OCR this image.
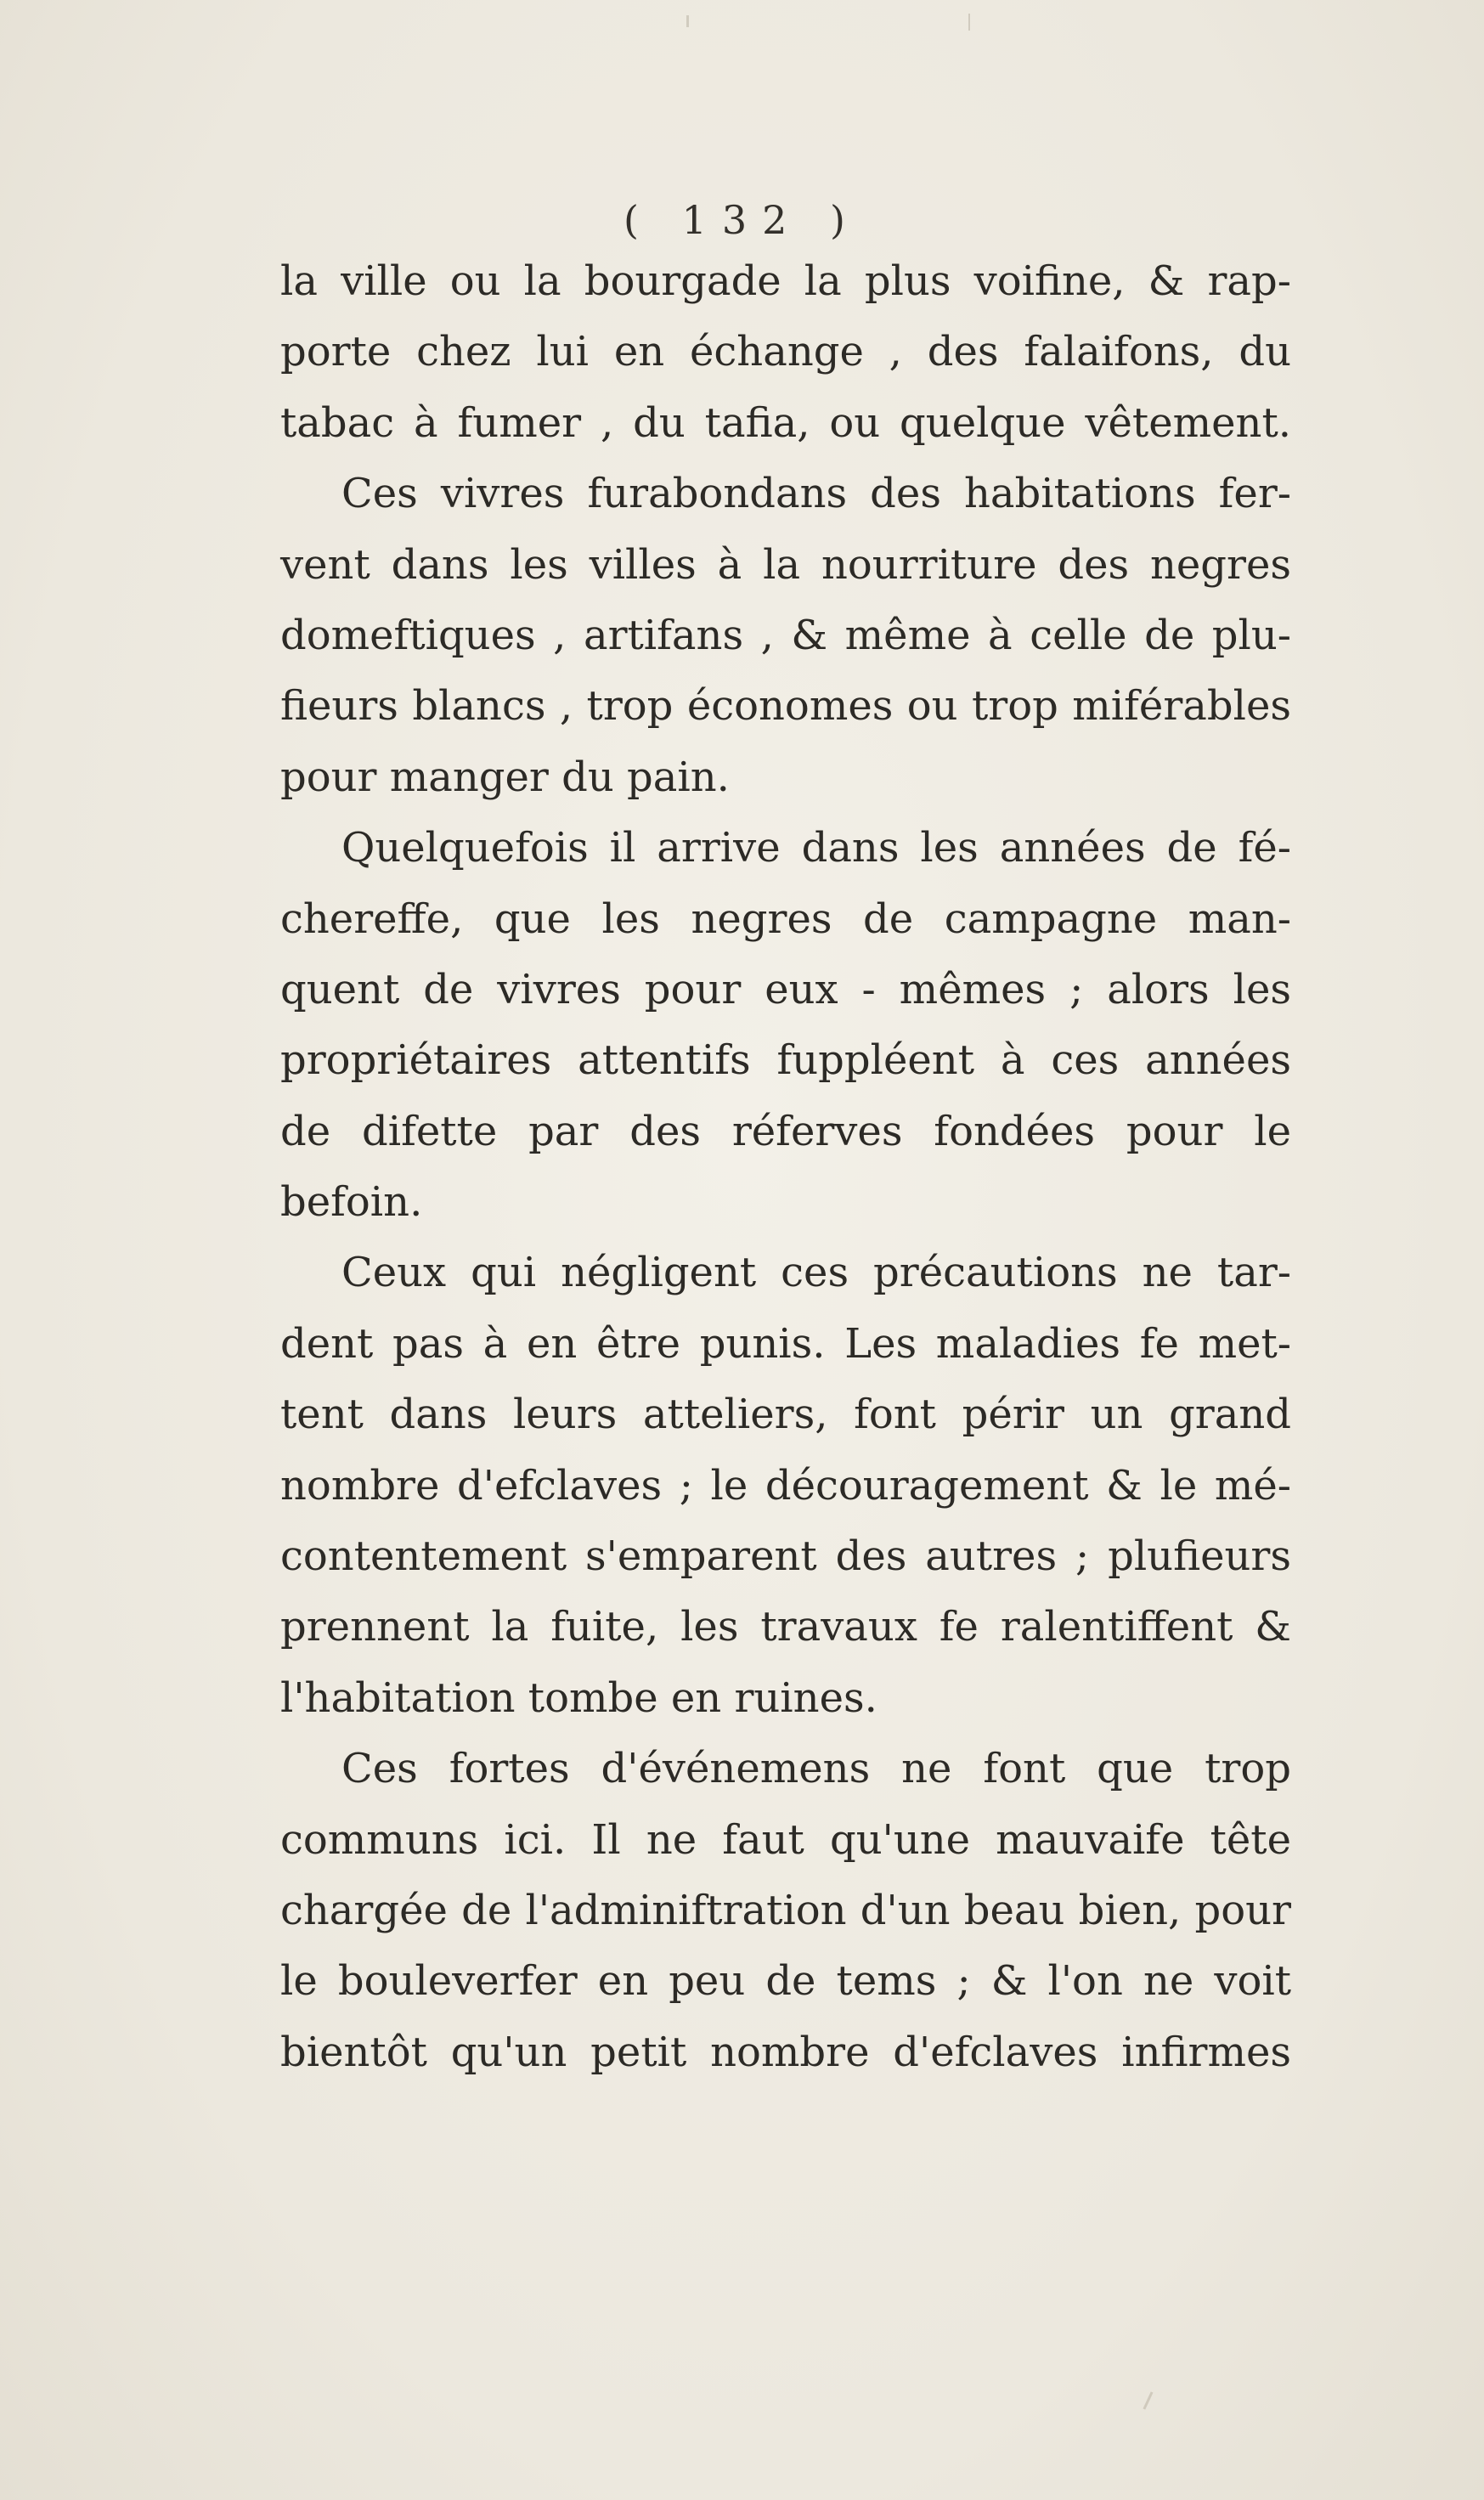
( 132 )
la ville ou la bourgade la plus voifine, & rap-
porte chez lui en échange , des falaifons, du
tabac à fumer , du tafia, ou quelque vêtement.
Ces vivres furabondans des habitations fer-
vent dans les villes à la nourriture des negres
domeftiques , artifans , & même à celle de plu-
fieurs blancs , trop économes ou trop miférables
pour manger du pain.
Quelquefois il arrive dans les années de fé-
chereffe, que les negres de campagne man-
quent de vivres pour eux - mêmes ; alors les
propriétaires attentifs fuppléent à ces années
de difette par des réferves fondées pour le
befoin.
Ceux qui négligent ces précautions ne tar-
dent pas à en être punis. Les maladies fe met-
tent dans leurs atteliers, font périr un grand
nombre d'efclaves ; le découragement & le mé-
contentement s'emparent des autres ; plufieurs
prennent la fuite, les travaux fe ralentiffent &
l'habitation tombe en ruines.
Ces fortes d'événemens ne font que trop
communs ici. Il ne faut qu'une mauvaife tête
chargée de l'adminiftration d'un beau bien, pour
le bouleverfer en peu de tems ; & l'on ne voit
bientôt qu'un petit nombre d'efclaves infirmes
